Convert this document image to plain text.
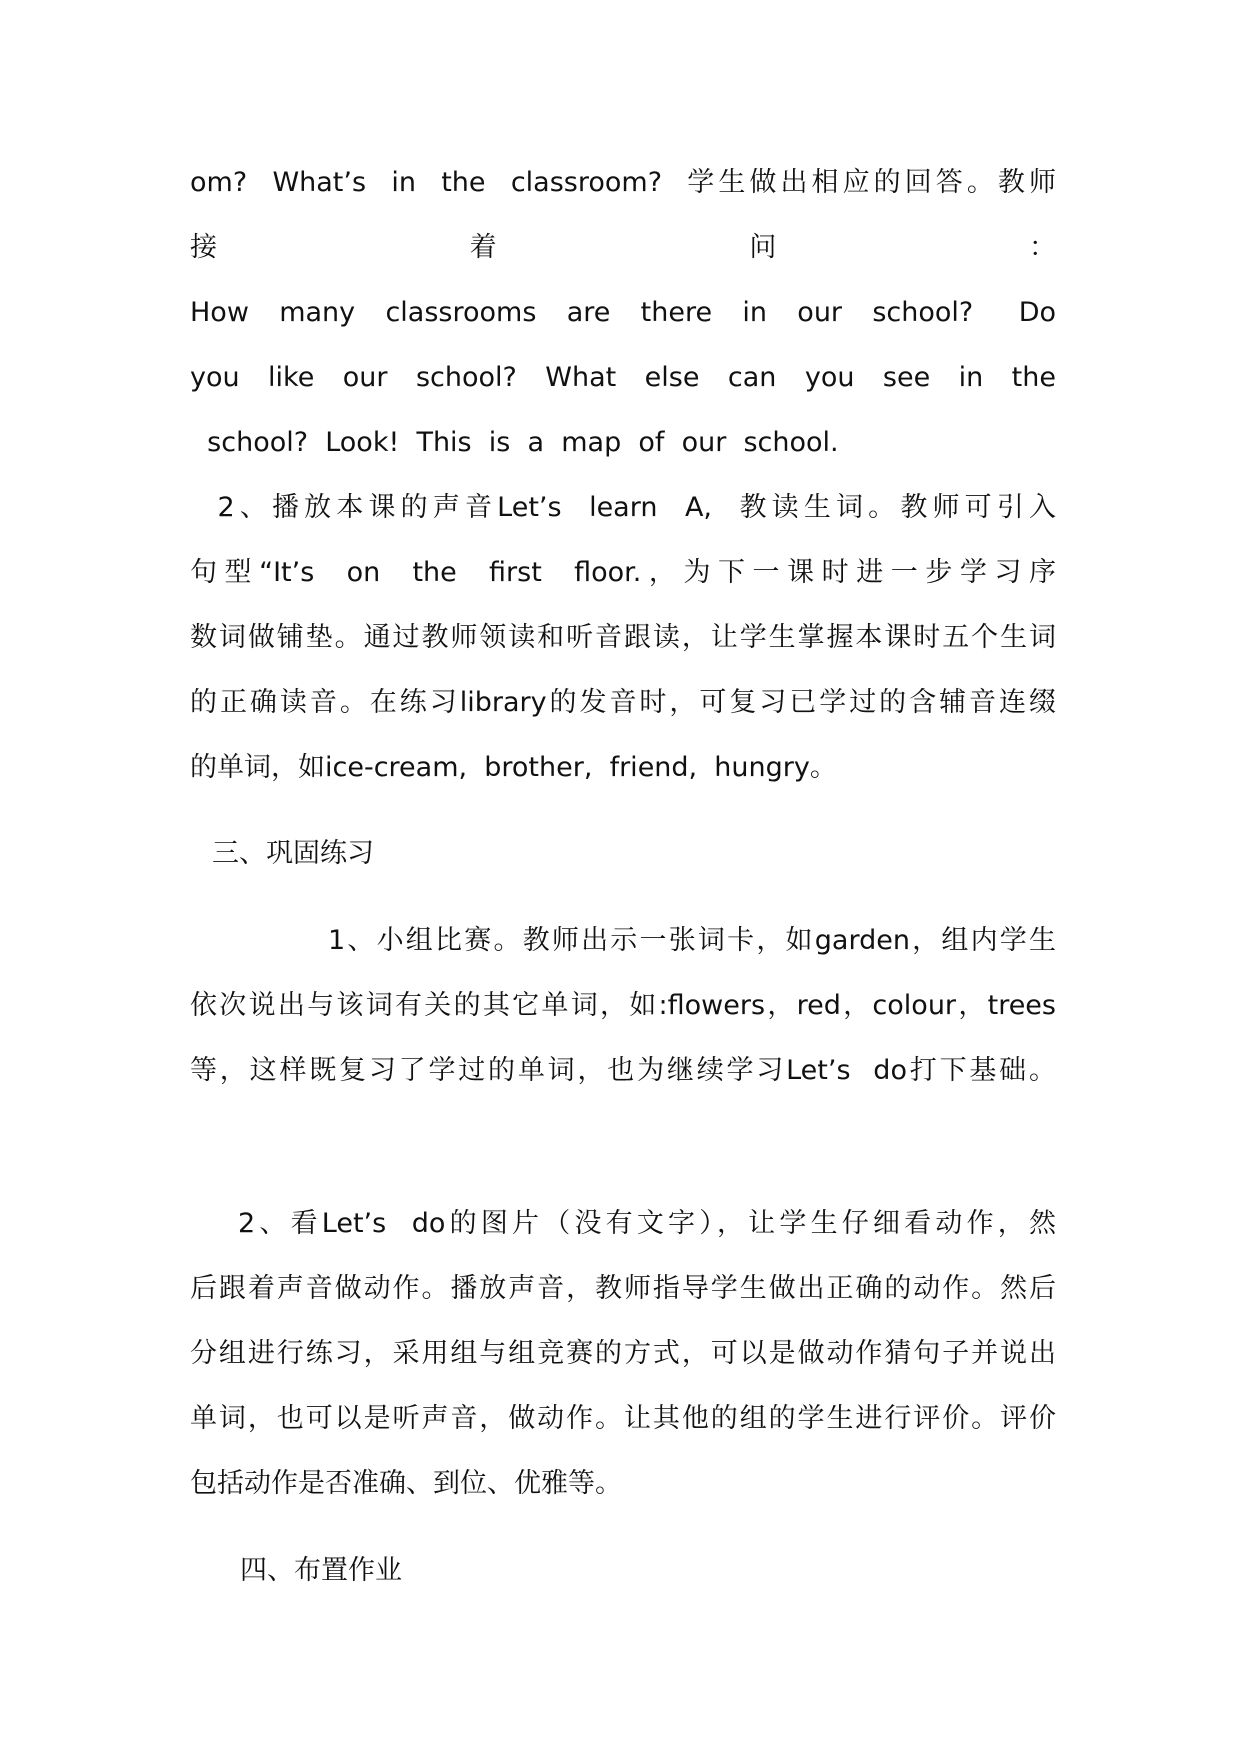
om?  What’s  in  the  classroom?  学生做出相应的回答。教师
接                    着                    问                    ：
How  many  classrooms  are  there  in  our  school?   Do
you  like  our  school?  What  else  can  you  see  in  the
school?  Look!  This  is  a  map  of  our  school.
2、播放本课的声音Let’s  learn  A,  教读生词。教师可引入
句型“It’s  on  the  first  floor.，为下一课时进一步学习序
数词做铺垫。通过教师领读和听音跟读，让学生掌握本课时五个生词
的正确读音。在练习library的发音时，可复习已学过的含辅音连缀
的单词，如ice-cream,  brother,  friend,  hungry。
三、巩固练习
1、小组比赛。教师出示一张词卡，如garden，组内学生
依次说出与该词有关的其它单词，如:flowers，red，colour，trees
等，这样既复习了学过的单词，也为继续学习Let’s  do打下基础。
2、看Let’s  do的图片（没有文字），让学生仔细看动作，然
后跟着声音做动作。播放声音，教师指导学生做出正确的动作。然后
分组进行练习，采用组与组竞赛的方式，可以是做动作猜句子并说出
单词，也可以是听声音，做动作。让其他的组的学生进行评价。评价
包括动作是否准确、到位、优雅等。
四、布置作业
